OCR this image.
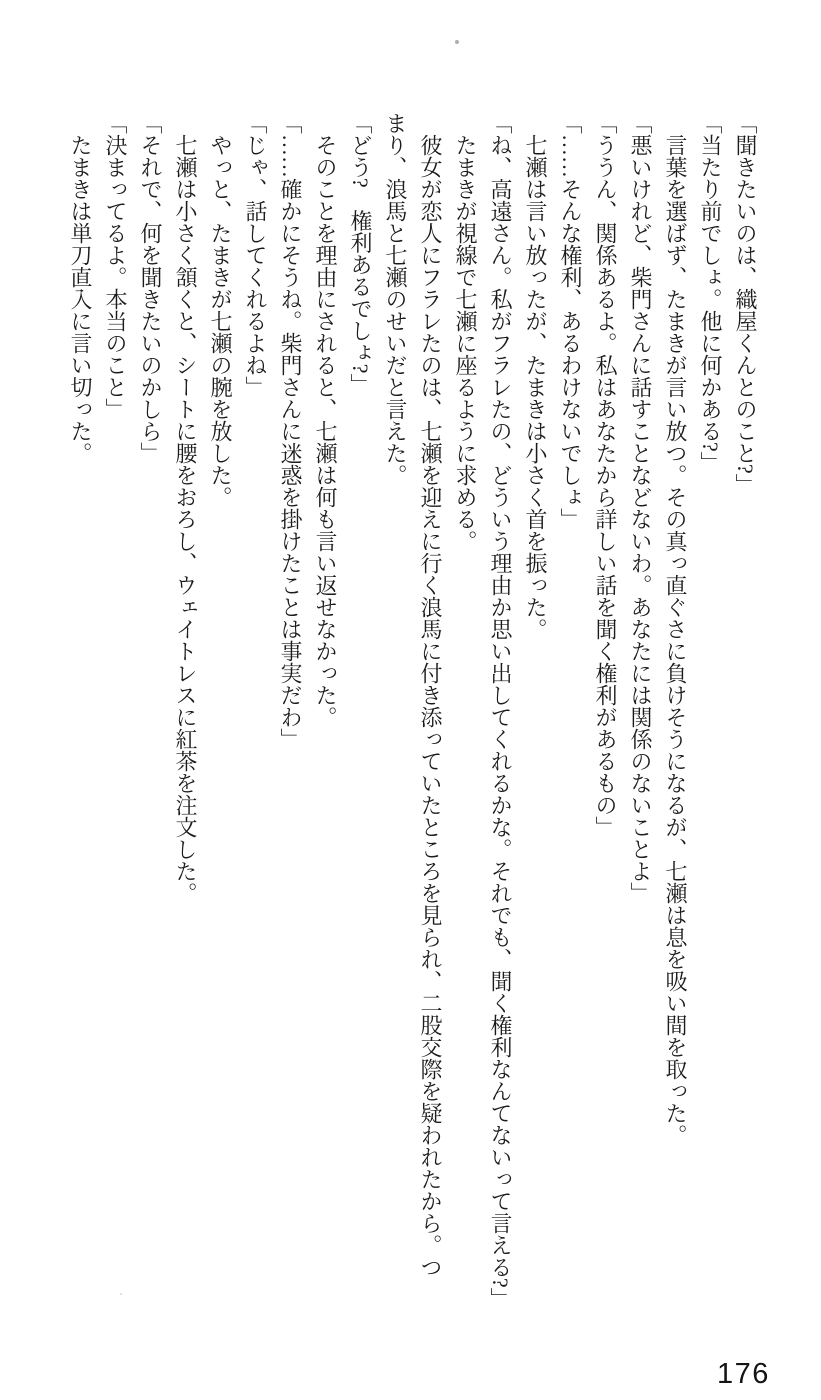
「聞きたいのは、織屋くんとのこと?」

「当たり前でしょ。他に何かある?」

　言葉を選ばず、たまきが言い放つ。その真っ直ぐさに負けそうになるが、七瀬は息を吸い間を取った。

「悪いけれど、柴門さんに話すことなどないわ。あなたには関係のないことよ」

「ううん、関係あるよ。私はあなたから詳しい話を聞く権利があるもの」

「……そんな権利、あるわけないでしょ」

　七瀬は言い放ったが、たまきは小さく首を振った。

「ね、高遠さん。私がフラレたの、どういう理由か思い出してくれるかな。それでも、聞く権利なんてないって言える?」

　たまきが視線で七瀬に座るように求める。

　彼女が恋人にフラレたのは、七瀬を迎えに行く浪馬に付き添っていたところを見られ、二股交際を疑われたから。つ

まり、浪馬と七瀬のせいだと言えた。

「どう?　権利あるでしょ?」

　そのことを理由にされると、七瀬は何も言い返せなかった。

「……確かにそうね。柴門さんに迷惑を掛けたことは事実だわ」

「じゃ、話してくれるよね」

　やっと、たまきが七瀬の腕を放した。

　七瀬は小さく頷くと、シートに腰をおろし、ウェイトレスに紅茶を注文した。

「それで、何を聞きたいのかしら」

「決まってるよ。本当のこと」

　たまきは単刀直入に言い切った。

176
